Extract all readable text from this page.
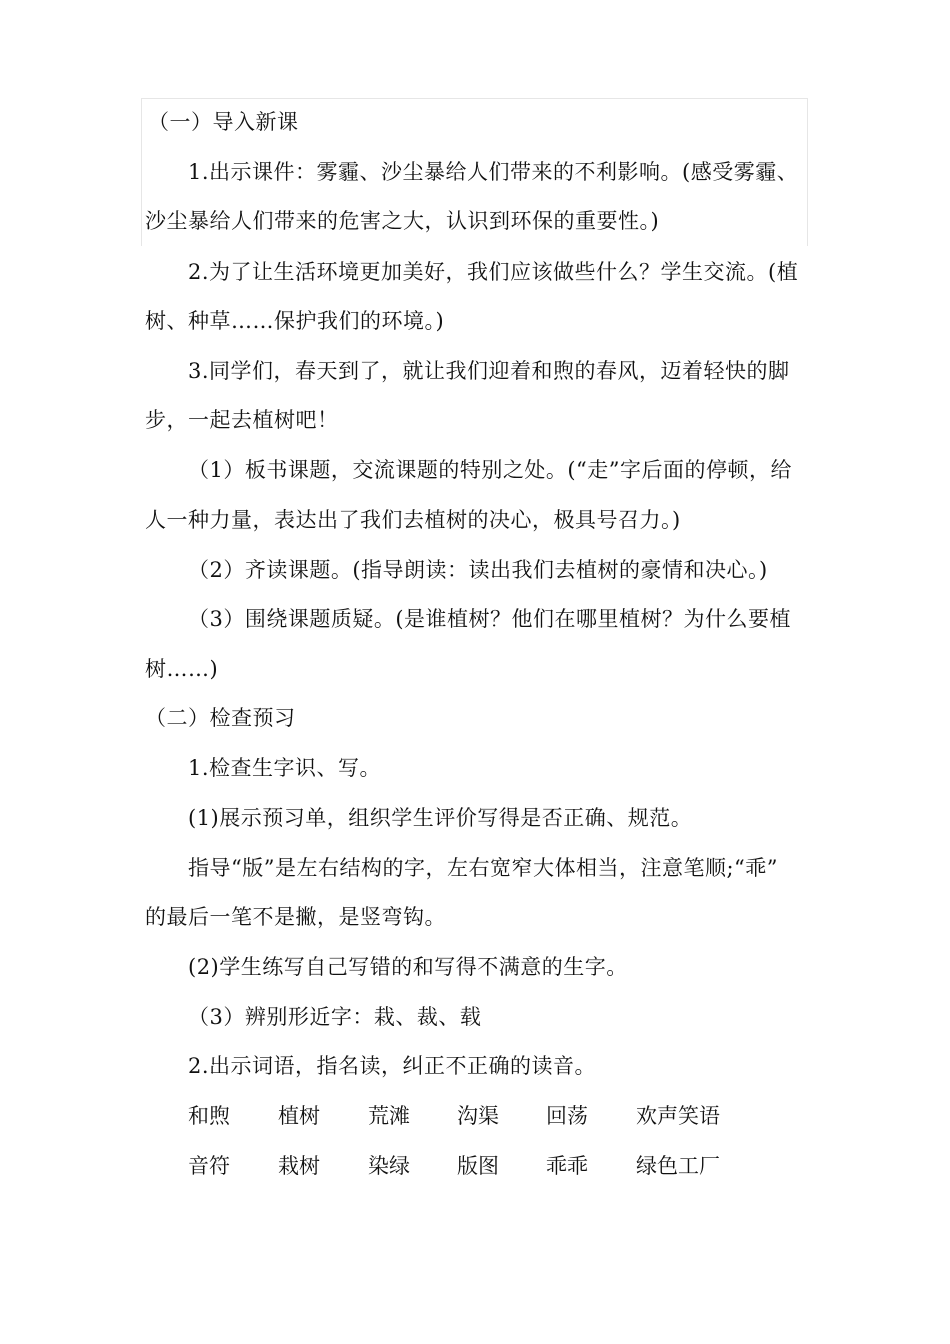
（一）导入新课
1.出示课件：雾霾、沙尘暴给人们带来的不利影响。(感受雾霾、
沙尘暴给人们带来的危害之大，认识到环保的重要性。)
2.为了让生活环境更加美好，我们应该做些什么？学生交流。(植
树、种草……保护我们的环境。)
3.同学们，春天到了，就让我们迎着和煦的春风，迈着轻快的脚
步，一起去植树吧！
（1）板书课题，交流课题的特别之处。(“走”字后面的停顿，给
人一种力量，表达出了我们去植树的决心，极具号召力。)
（2）齐读课题。(指导朗读：读出我们去植树的豪情和决心。)
（3）围绕课题质疑。(是谁植树？他们在哪里植树？为什么要植
树……)
（二）检查预习
1.检查生字识、写。
(1)展示预习单，组织学生评价写得是否正确、规范。
指导“版”是左右结构的字，左右宽窄大体相当，注意笔顺;“乖”
的最后一笔不是撇，是竖弯钩。
(2)学生练写自己写错的和写得不满意的生字。
（3）辨别形近字：栽、裁、载
2.出示词语，指名读，纠正不正确的读音。
和煦 植树 荒滩 沟渠 回荡 欢声笑语
音符 栽树 染绿 版图 乖乖 绿色工厂
